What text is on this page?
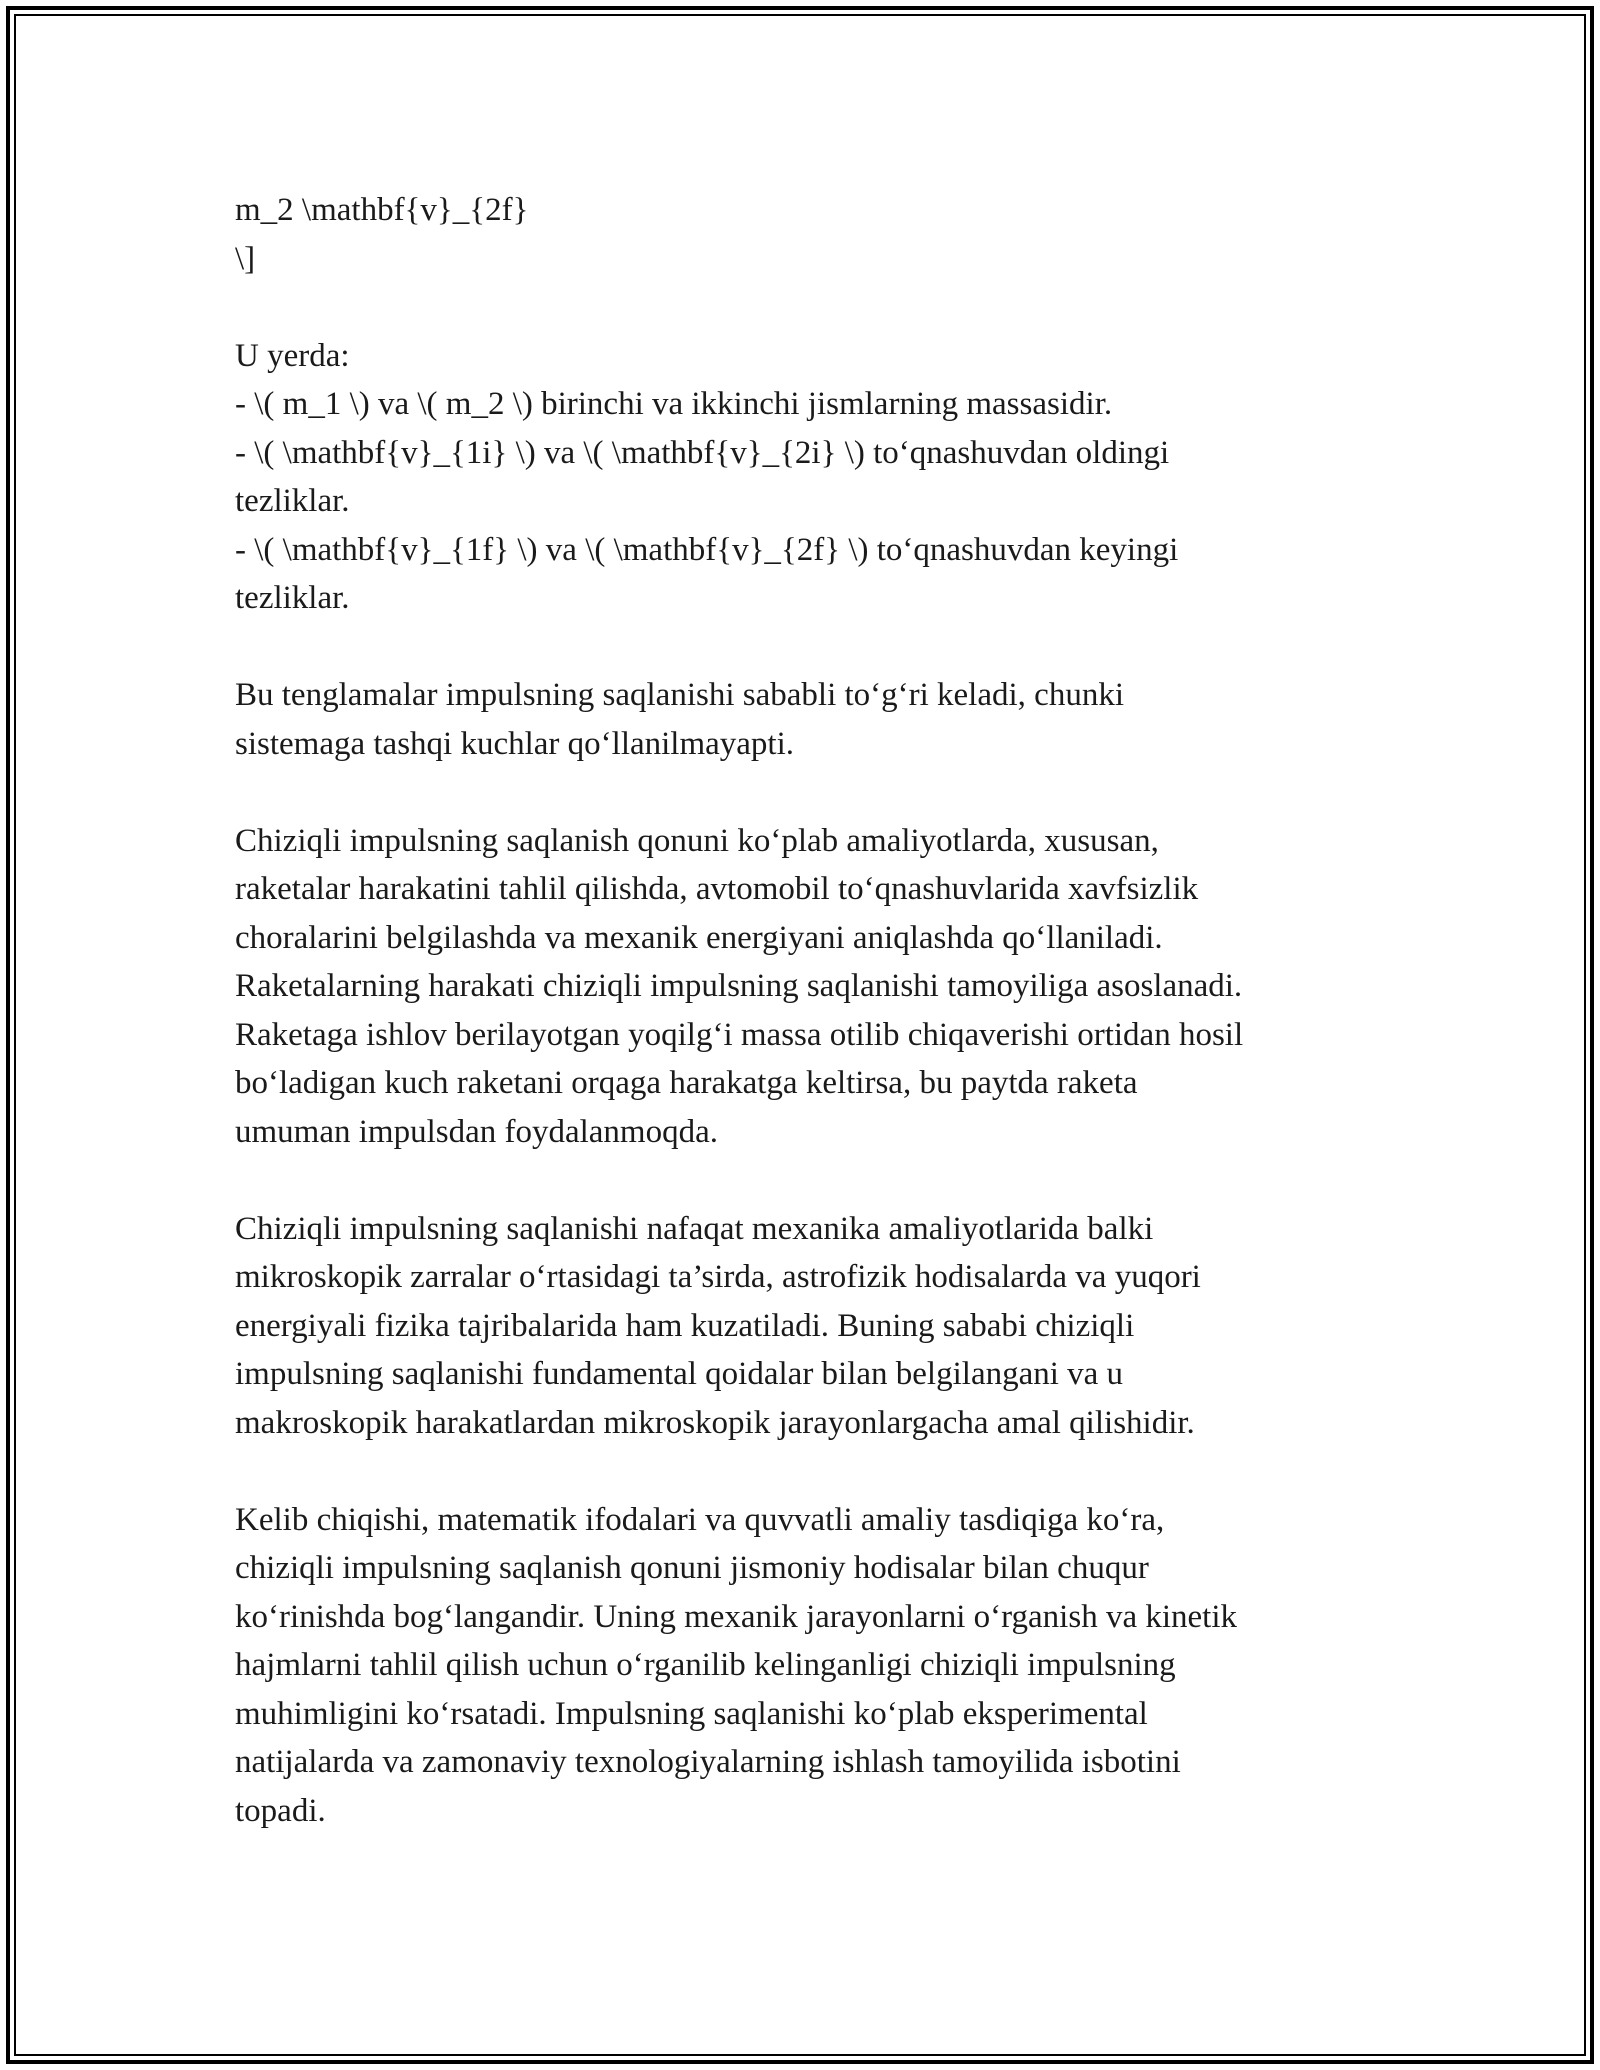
m_2 \mathbf{v}_{2f}
\]
U yerda:
- \( m_1 \) va \( m_2 \) birinchi va ikkinchi jismlarning massasidir.
- \( \mathbf{v}_{1i} \) va \( \mathbf{v}_{2i} \) to‘qnashuvdan oldingi
tezliklar.
- \( \mathbf{v}_{1f} \) va \( \mathbf{v}_{2f} \) to‘qnashuvdan keyingi
tezliklar.
Bu tenglamalar impulsning saqlanishi sababli to‘g‘ri keladi, chunki
sistemaga tashqi kuchlar qo‘llanilmayapti.
Chiziqli impulsning saqlanish qonuni ko‘plab amaliyotlarda, xususan,
raketalar harakatini tahlil qilishda, avtomobil to‘qnashuvlarida xavfsizlik
choralarini belgilashda va mexanik energiyani aniqlashda qo‘llaniladi.
Raketalarning harakati chiziqli impulsning saqlanishi tamoyiliga asoslanadi.
Raketaga ishlov berilayotgan yoqilg‘i massa otilib chiqaverishi ortidan hosil
bo‘ladigan kuch raketani orqaga harakatga keltirsa, bu paytda raketa
umuman impulsdan foydalanmoqda.
Chiziqli impulsning saqlanishi nafaqat mexanika amaliyotlarida balki
mikroskopik zarralar o‘rtasidagi ta’sirda, astrofizik hodisalarda va yuqori
energiyali fizika tajribalarida ham kuzatiladi. Buning sababi chiziqli
impulsning saqlanishi fundamental qoidalar bilan belgilangani va u
makroskopik harakatlardan mikroskopik jarayonlargacha amal qilishidir.
Kelib chiqishi, matematik ifodalari va quvvatli amaliy tasdiqiga ko‘ra,
chiziqli impulsning saqlanish qonuni jismoniy hodisalar bilan chuqur
ko‘rinishda bog‘langandir. Uning mexanik jarayonlarni o‘rganish va kinetik
hajmlarni tahlil qilish uchun o‘rganilib kelinganligi chiziqli impulsning
muhimligini ko‘rsatadi. Impulsning saqlanishi ko‘plab eksperimental
natijalarda va zamonaviy texnologiyalarning ishlash tamoyilida isbotini
topadi.
